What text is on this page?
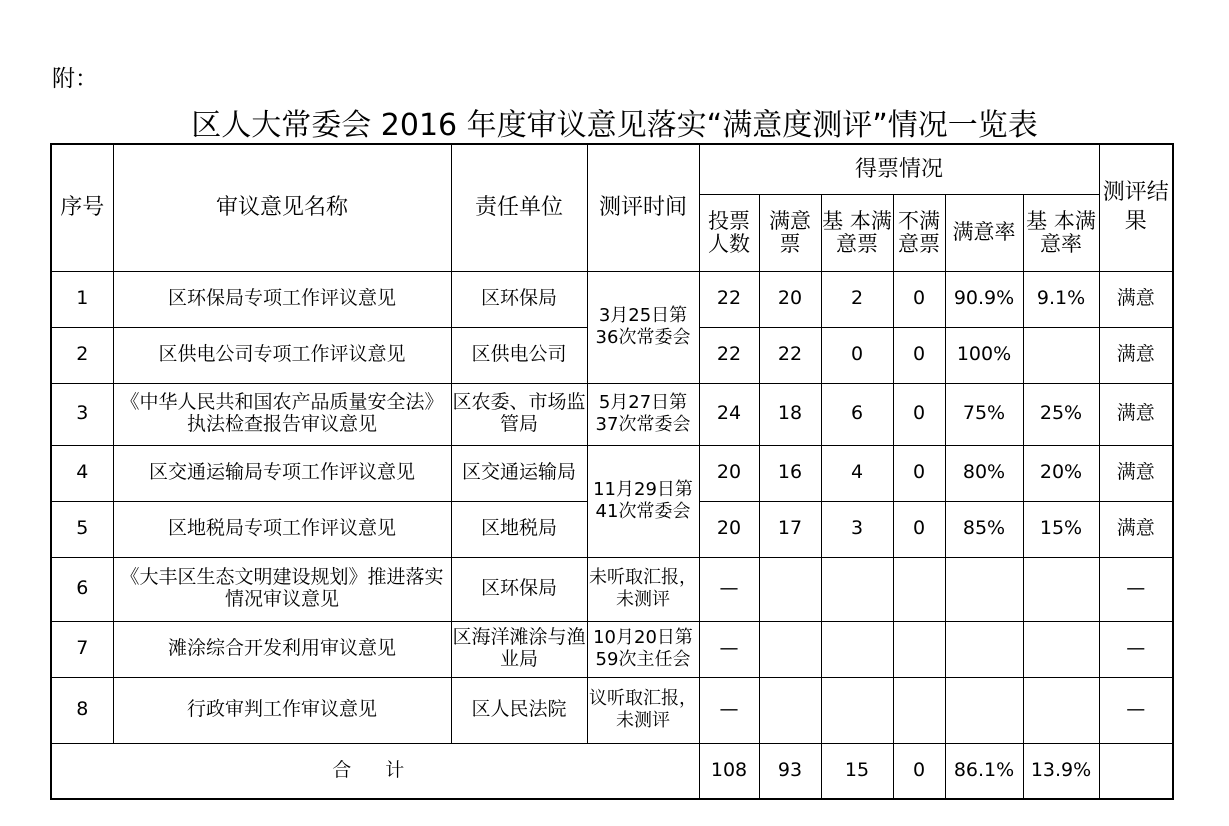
附：
区人大常委会 2016 年度审议意见落实“满意度测评”情况一览表
序号	审议意见名称	责任单位	测评时间	得票情况						测评结果
				投票人数	满意票	基 本满意票	不满意票	满意率	基 本满意率	
1	区环保局专项工作评议意见	区环保局	3月25日第36次常委会	22	20	2	0	90.9%	9.1%	满意
2	区供电公司专项工作评议意见	区供电公司		22	22	0	0	100%		满意
3	《中华人民共和国农产品质量安全法》执法检查报告审议意见	区农委、市场监管局	5月27日第37次常委会	24	18	6	0	75%	25%	满意
4	区交通运输局专项工作评议意见	区交通运输局	11月29日第41次常委会	20	16	4	0	80%	20%	满意
5	区地税局专项工作评议意见	区地税局		20	17	3	0	85%	15%	满意
6	《大丰区生态文明建设规划》推进落实情况审议意见	区环保局	未听取汇报，未测评	—						—
7	滩涂综合开发利用审议意见	区海洋滩涂与渔业局	10月20日第59次主任会	—						—
8	行政审判工作审议意见	区人民法院	议听取汇报，未测评	—						—
合 计				108	93	15	0	86.1%	13.9%	
